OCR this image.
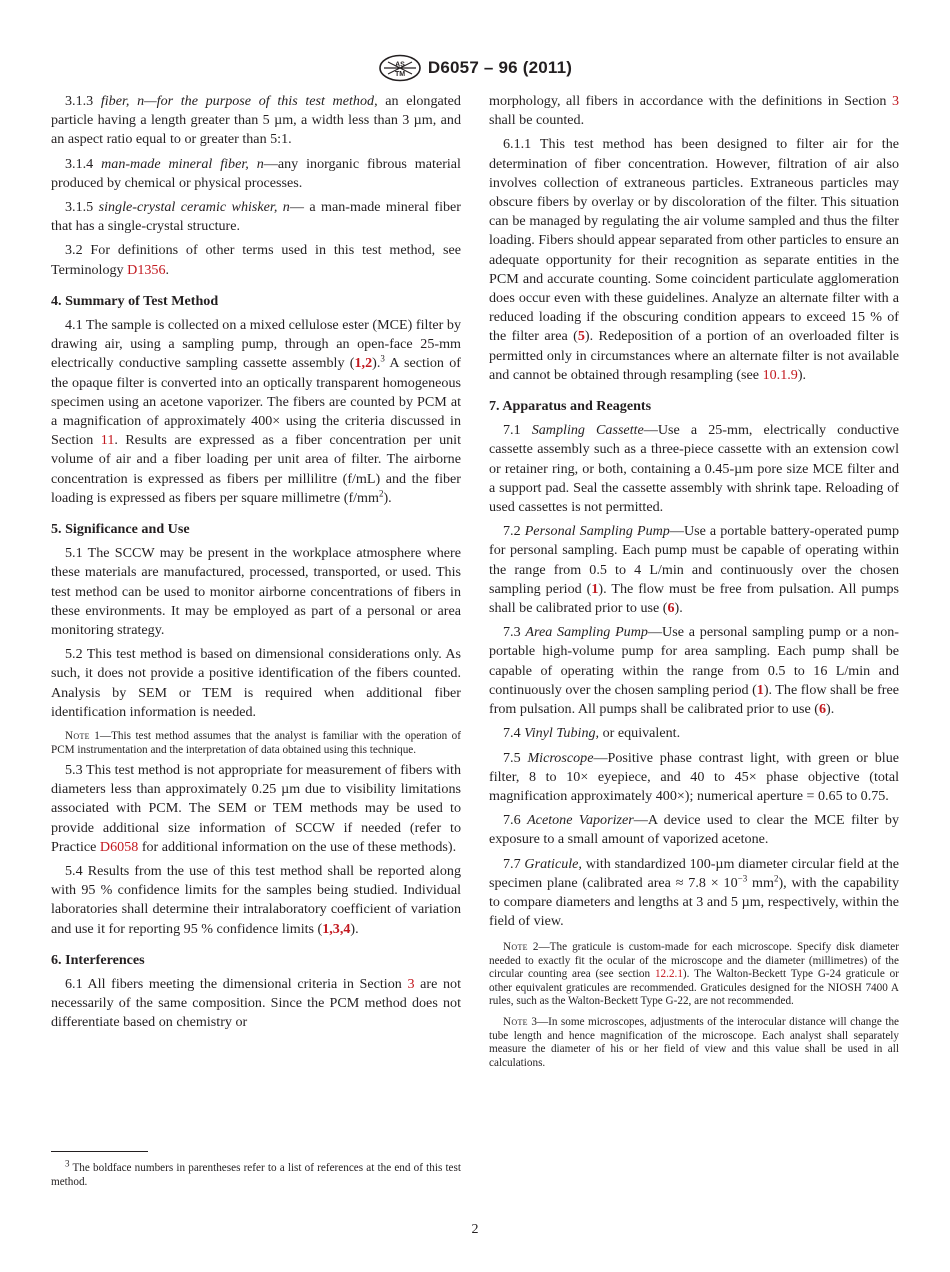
AS
TM D6057 – 96 (2011)

3.1.3 fiber, n—for the purpose of this test method, an elongated particle having a length greater than 5 µm, a width less than 3 µm, and an aspect ratio equal to or greater than 5:1.

3.1.4 man-made mineral fiber, n—any inorganic fibrous material produced by chemical or physical processes.

3.1.5 single-crystal ceramic whisker, n— a man-made mineral fiber that has a single-crystal structure.

3.2 For definitions of other terms used in this test method, see Terminology D1356.

4. Summary of Test Method

4.1 The sample is collected on a mixed cellulose ester (MCE) filter by drawing air, using a sampling pump, through an open-face 25-mm electrically conductive sampling cassette assembly (1,2).$^3$ A section of the opaque filter is converted into an optically transparent homogeneous specimen using an acetone vaporizer. The fibers are counted by PCM at a magnification of approximately 400× using the criteria discussed in Section 11. Results are expressed as a fiber concentration per unit volume of air and a fiber loading per unit area of filter. The airborne concentration is expressed as fibers per millilitre (f/mL) and the fiber loading is expressed as fibers per square millimetre $(f/mm^2)$.

5. Significance and Use

5.1 The SCCW may be present in the workplace atmosphere where these materials are manufactured, processed, transported, or used. This test method can be used to monitor airborne concentrations of fibers in these environments. It may be employed as part of a personal or area monitoring strategy.

5.2 This test method is based on dimensional considerations only. As such, it does not provide a positive identification of the fibers counted. Analysis by SEM or TEM is required when additional fiber identification information is needed.

Note 1—This test method assumes that the analyst is familiar with the operation of PCM instrumentation and the interpretation of data obtained using this technique.

5.3 This test method is not appropriate for measurement of fibers with diameters less than approximately 0.25 µm due to visibility limitations associated with PCM. The SEM or TEM methods may be used to provide additional size information of SCCW if needed (refer to Practice D6058 for additional information on the use of these methods).

5.4 Results from the use of this test method shall be reported along with 95 % confidence limits for the samples being studied. Individual laboratories shall determine their intralaboratory coefficient of variation and use it for reporting 95 % confidence limits (1,3,4).

6. Interferences

6.1 All fibers meeting the dimensional criteria in Section 3 are not necessarily of the same composition. Since the PCM method does not differentiate based on chemistry or

morphology, all fibers in accordance with the definitions in Section 3 shall be counted.

6.1.1 This test method has been designed to filter air for the determination of fiber concentration. However, filtration of air also involves collection of extraneous particles. Extraneous particles may obscure fibers by overlay or by discoloration of the filter. This situation can be managed by regulating the air volume sampled and thus the filter loading. Fibers should appear separated from other particles to ensure an adequate opportunity for their recognition as separate entities in the PCM and accurate counting. Some coincident particulate agglomeration does occur even with these guidelines. Analyze an alternate filter with a reduced loading if the obscuring condition appears to exceed 15 % of the filter area (5). Redeposition of a portion of an overloaded filter is permitted only in circumstances where an alternate filter is not available and cannot be obtained through resampling (see 10.1.9).

7. Apparatus and Reagents

7.1 Sampling Cassette—Use a 25-mm, electrically conductive cassette assembly such as a three-piece cassette with an extension cowl or retainer ring, or both, containing a 0.45-µm pore size MCE filter and a support pad. Seal the cassette assembly with shrink tape. Reloading of used cassettes is not permitted.

7.2 Personal Sampling Pump—Use a portable battery-operated pump for personal sampling. Each pump must be capable of operating within the range from 0.5 to 4 L/min and continuously over the chosen sampling period (1). The flow must be free from pulsation. All pumps shall be calibrated prior to use (6).

7.3 Area Sampling Pump—Use a personal sampling pump or a non-portable high-volume pump for area sampling. Each pump shall be capable of operating within the range from 0.5 to 16 L/min and continuously over the chosen sampling period (1). The flow shall be free from pulsation. All pumps shall be calibrated prior to use (6).

7.4 Vinyl Tubing, or equivalent.

7.5 Microscope—Positive phase contrast light, with green or blue filter, 8 to 10× eyepiece, and 40 to 45× phase objective (total magnification approximately 400×); numerical aperture = 0.65 to 0.75.

7.6 Acetone Vaporizer—A device used to clear the MCE filter by exposure to a small amount of vaporized acetone.

7.7 Graticule, with standardized 100-µm diameter circular field at the specimen plane (calibrated area ≈ $7.8 \times 10^{-3}$ $mm^2$), with the capability to compare diameters and lengths at 3 and 5 µm, respectively, within the field of view.

Note 2—The graticule is custom-made for each microscope. Specify disk diameter needed to exactly fit the ocular of the microscope and the diameter (millimetres) of the circular counting area (see section 12.2.1). The Walton-Beckett Type G-24 graticule or other equivalent graticules are recommended. Graticules designed for the NIOSH 7400 A rules, such as the Walton-Beckett Type G-22, are not recommended.
Note 3—In some microscopes, adjustments of the interocular distance will change the tube length and hence magnification of the microscope. Each analyst shall separately measure the diameter of his or her field of view and this value shall be used in all calculations.
$^3$ The boldface numbers in parentheses refer to a list of references at the end of this test method.
2
